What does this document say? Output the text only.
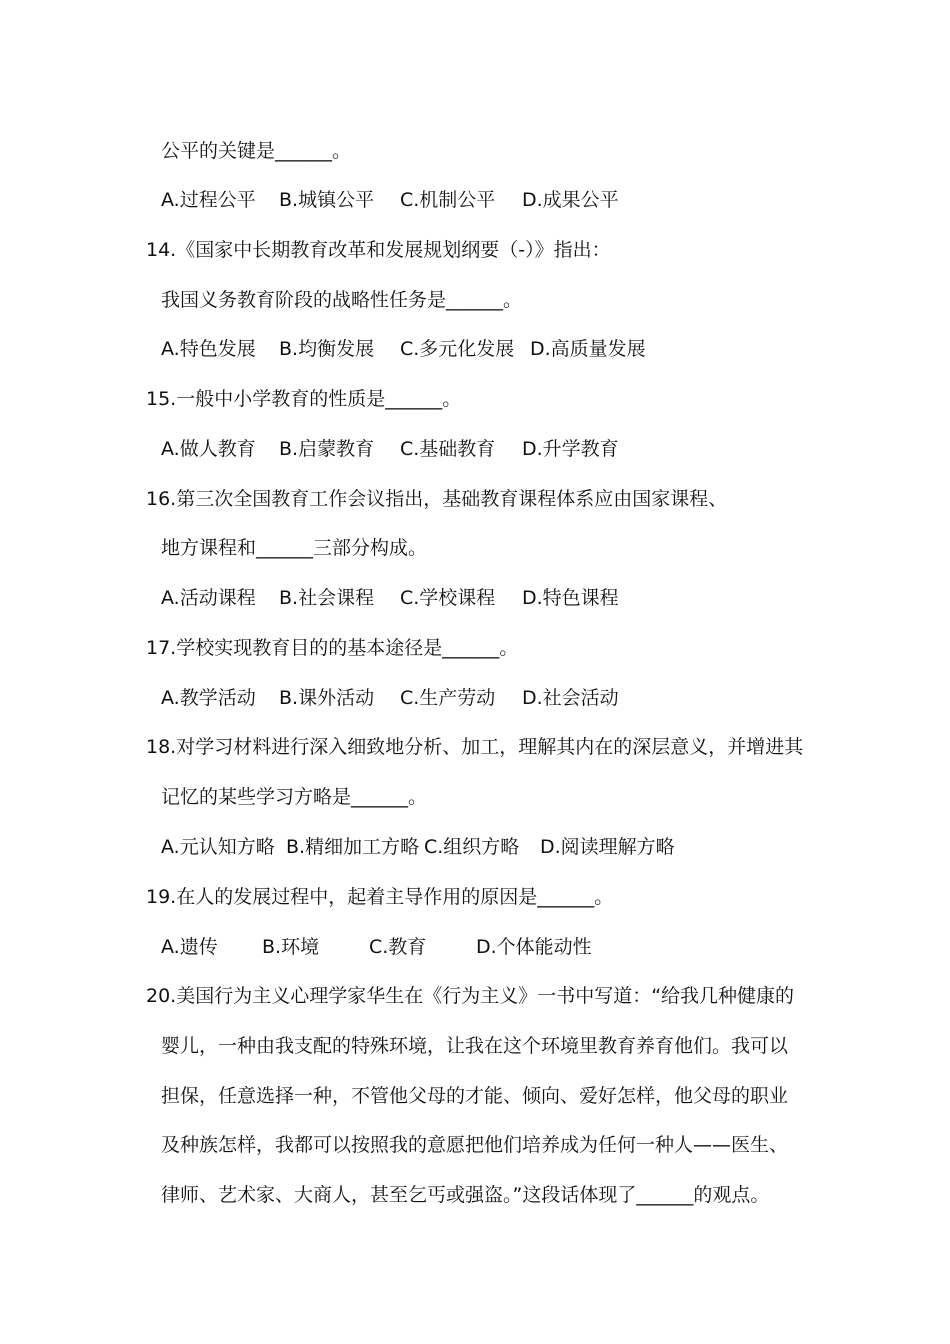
公平的关键是______。
A.过程公平 B.城镇公平 C.机制公平 D.成果公平
14.《国家中长期教育改革和发展规划纲要（-）》指出：
我国义务教育阶段的战略性任务是______。
A.特色发展 B.均衡发展 C.多元化发展 D.高质量发展
15.一般中小学教育的性质是______。
A.做人教育 B.启蒙教育 C.基础教育 D.升学教育
16.第三次全国教育工作会议指出，基础教育课程体系应由国家课程、
地方课程和______三部分构成。
A.活动课程 B.社会课程 C.学校课程 D.特色课程
17.学校实现教育目的的基本途径是______。
A.教学活动 B.课外活动 C.生产劳动 D.社会活动
18.对学习材料进行深入细致地分析、加工，理解其内在的深层意义，并增进其
记忆的某些学习方略是______。
A.元认知方略 B.精细加工方略 C.组织方略 D.阅读理解方略
19.在人的发展过程中，起着主导作用的原因是______。
A.遗传 B.环境	C.教育	D.个体能动性
20.美国行为主义心理学家华生在《行为主义》一书中写道：“给我几种健康的
婴儿，一种由我支配的特殊环境，让我在这个环境里教育养育他们。我可以
担保，任意选择一种，不管他父母的才能、倾向、爱好怎样，他父母的职业
及种族怎样，我都可以按照我的意愿把他们培养成为任何一种人——医生、
律师、艺术家、大商人，甚至乞丐或强盗。”这段话体现了______的观点。
